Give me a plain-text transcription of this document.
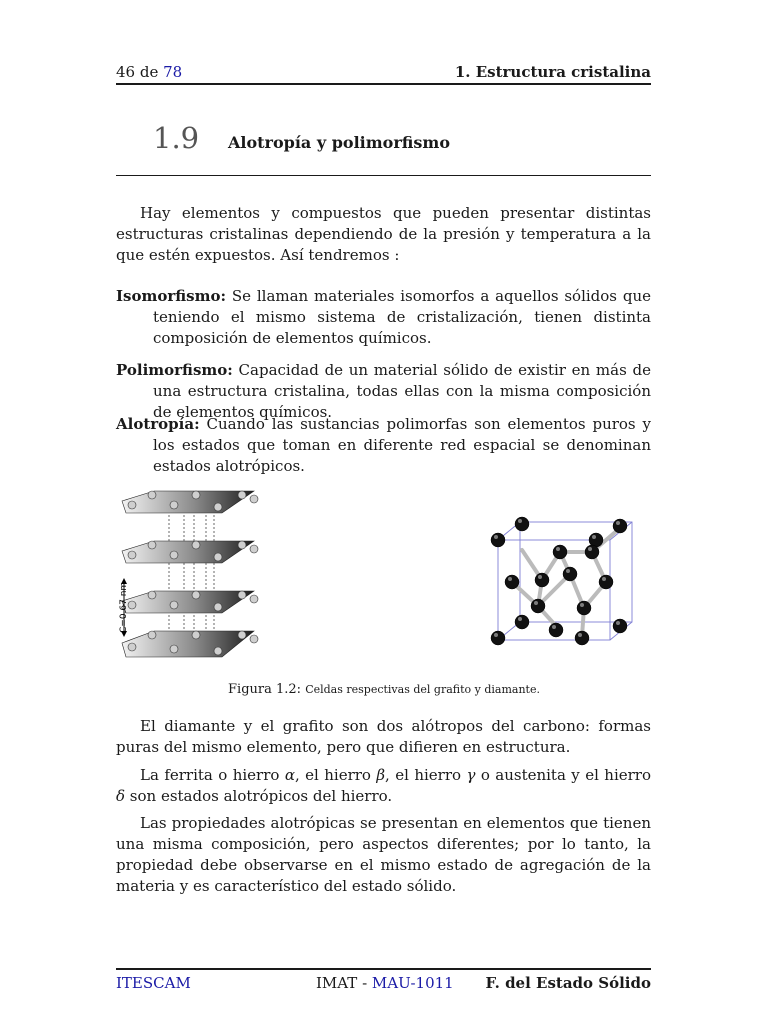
46 de 78	1. Estructura cristalina
1.9 Alotropía y polimorfismo
Hay elementos y compuestos que pueden presentar distintas estructuras cristalinas dependiendo de la presión y temperatura a la que estén expuestos. Así tendremos :
Isomorfismo: Se llaman materiales isomorfos a aquellos sólidos que teniendo el mismo sistema de cristalización, tienen distinta composición de elementos químicos.
Polimorfismo: Capacidad de un material sólido de existir en más de una estructura cristalina, todas ellas con la misma composición de elementos químicos.
Alotropía: Cuando las sustancias polimorfas son elementos puros y los estados que toman en diferente red espacial se denominan estados alotrópicos.
C=0.67 nm
Figura 1.2: Celdas respectivas del grafito y diamante.
El diamante y el grafito son dos alótropos del carbono: formas puras del mismo elemento, pero que difieren en estructura.
La ferrita o hierro α, el hierro β, el hierro γ o austenita y el hierro δ son estados alotrópicos del hierro.
Las propiedades alotrópicas se presentan en elementos que tienen una misma composición, pero aspectos diferentes; por lo tanto, la propiedad debe observarse en el mismo estado de agregación de la materia y es característico del estado sólido.
ITESCAM	IMAT - MAU-1011 F. del Estado Sólido
